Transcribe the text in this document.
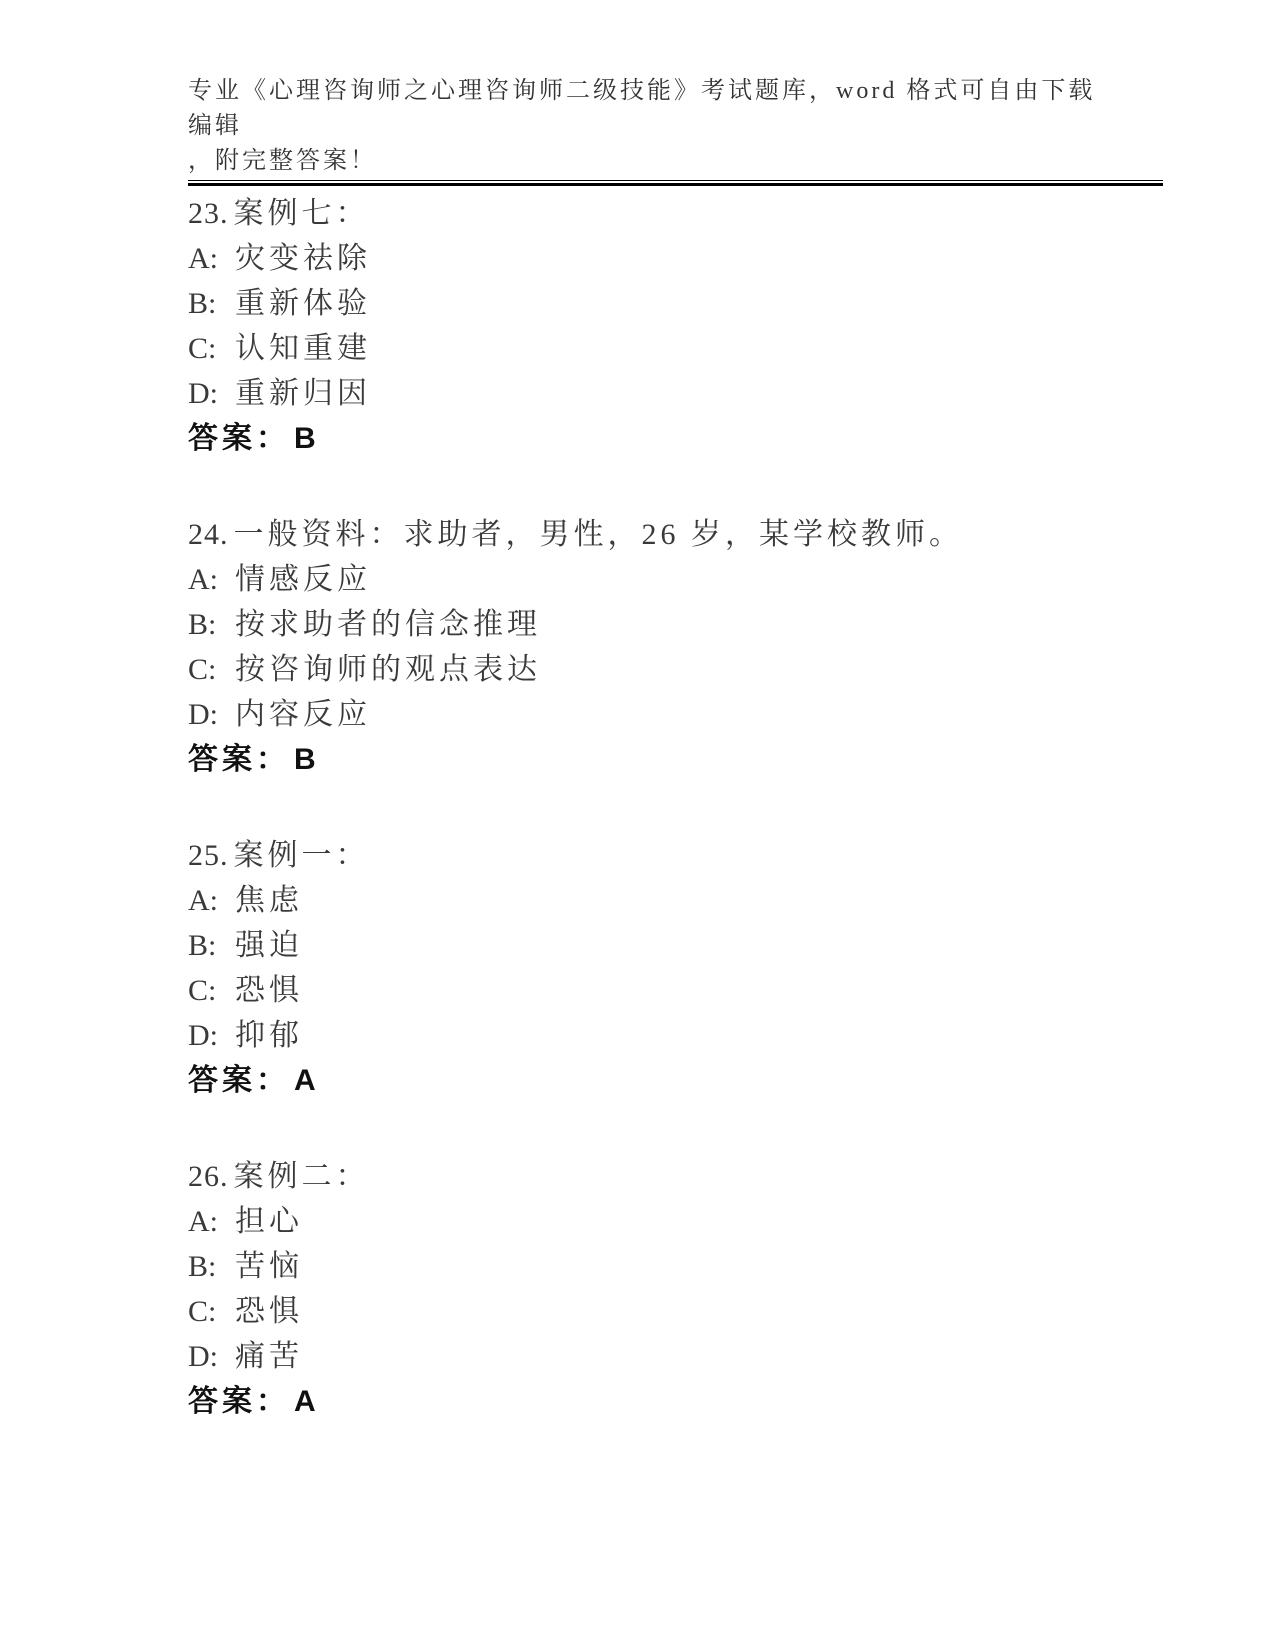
专业《心理咨询师之心理咨询师二级技能》考试题库，word 格式可自由下载编辑
，附完整答案！
23. 案例七：
A: 灾变祛除
B: 重新体验
C: 认知重建
D: 重新归因
答案： B
24. 一般资料：求助者，男性，26 岁，某学校教师。
A: 情感反应
B: 按求助者的信念推理
C: 按咨询师的观点表达
D: 内容反应
答案： B
25. 案例一：
A: 焦虑
B: 强迫
C: 恐惧
D: 抑郁
答案： A
26. 案例二：
A: 担心
B: 苦恼
C: 恐惧
D: 痛苦
答案： A
